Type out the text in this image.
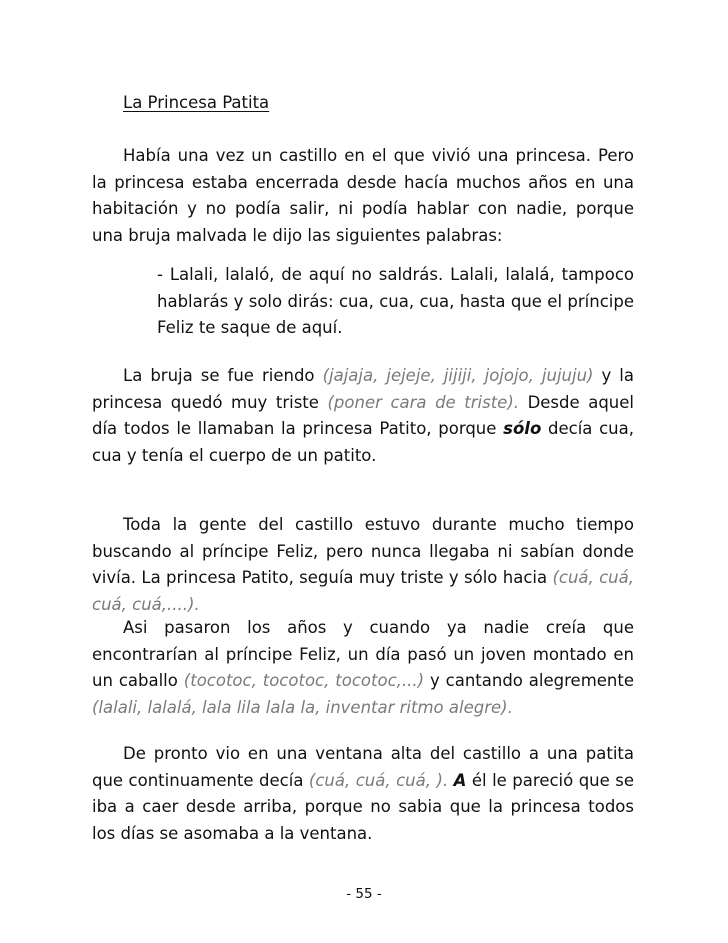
La Princesa Patita

Había una vez un castillo en el que vivió una princesa. Pero la princesa estaba encerrada desde hacía muchos años en una habitación y no podía salir, ni podía hablar con nadie, porque una bruja malvada le dijo las siguientes palabras:

- Lalali, lalaló, de aquí no saldrás. Lalali, lalalá, tampoco hablarás y solo dirás: cua, cua, cua, hasta que el príncipe Feliz te saque de aquí.

La bruja se fue riendo (jajaja, jejeje, jijiji, jojojo, jujuju) y la princesa quedó muy triste (poner cara de triste). Desde aquel día todos le llamaban la princesa Patito, porque sólo decía cua, cua y tenía el cuerpo de un patito.

Toda la gente del castillo estuvo durante mucho tiempo buscando al príncipe Feliz, pero nunca llegaba ni sabían donde vivía. La princesa Patito, seguía muy triste y sólo hacia (cuá, cuá, cuá, cuá,....).

Asi pasaron los años y cuando ya nadie creía que encontrarían al príncipe Feliz, un día pasó un joven montado en un caballo (tocotoc, tocotoc, tocotoc,...) y cantando alegremente (lalali, lalalá, lala lila lala la, inventar ritmo alegre).

De pronto vio en una ventana alta del castillo a una patita que continuamente decía (cuá, cuá, cuá, ). A él le pareció que se iba a caer desde arriba, porque no sabia que la princesa todos los días se asomaba a la ventana.

- 55 -
